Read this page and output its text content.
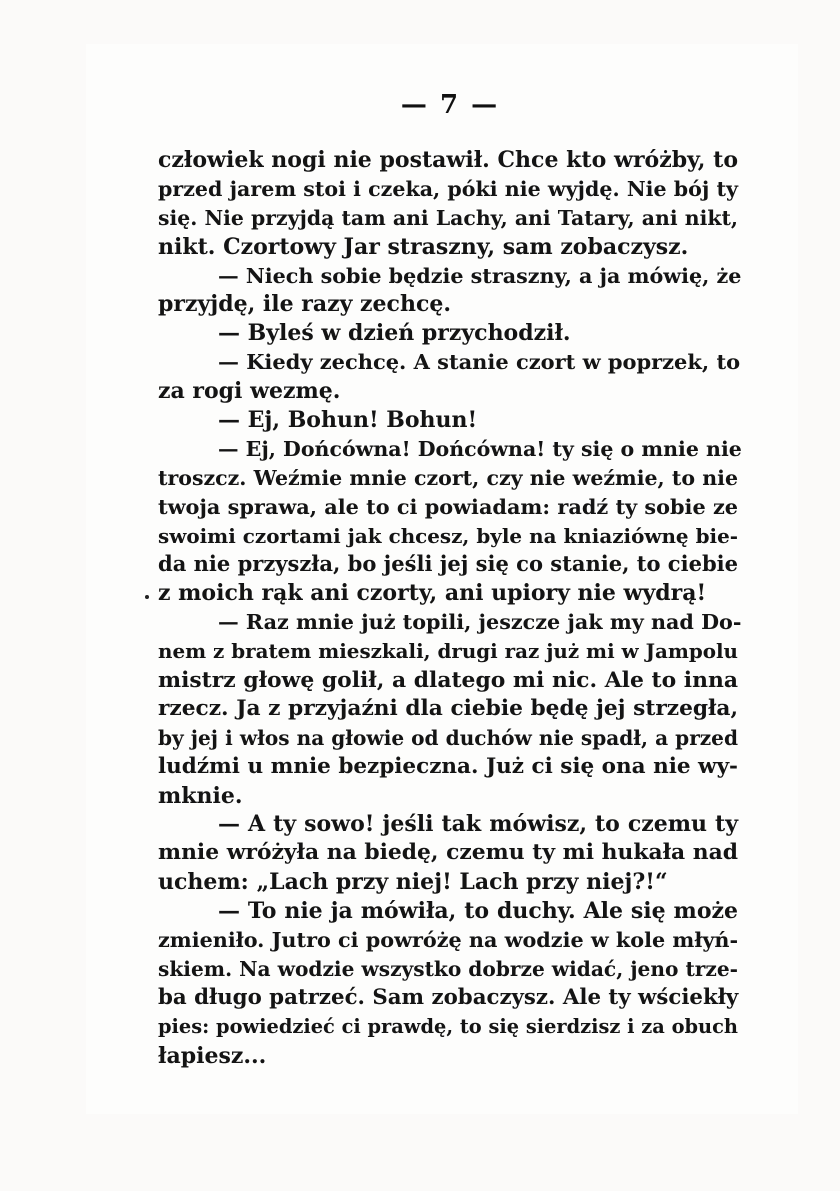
— 7 —
człowiek nogi nie postawił. Chce kto wróżby, to
przed jarem stoi i czeka, póki nie wyjdę. Nie bój ty
się. Nie przyjdą tam ani Lachy, ani Tatary, ani nikt,
nikt. Czortowy Jar straszny, sam zobaczysz.
— Niech sobie będzie straszny, a ja mówię, że
przyjdę, ile razy zechcę.
— Byleś w dzień przychodził.
— Kiedy zechcę. A stanie czort w poprzek, to
za rogi wezmę.
— Ej, Bohun! Bohun!
— Ej, Dońcówna! Dońcówna! ty się o mnie nie
troszcz. Weźmie mnie czort, czy nie weźmie, to nie
twoja sprawa, ale to ci powiadam: radź ty sobie ze
swoimi czortami jak chcesz, byle na kniaziównę bie-
da nie przyszła, bo jeśli jej się co stanie, to ciebie
z moich rąk ani czorty, ani upiory nie wydrą!
— Raz mnie już topili, jeszcze jak my nad Do-
nem z bratem mieszkali, drugi raz już mi w Jampolu
mistrz głowę golił, a dlatego mi nic. Ale to inna
rzecz. Ja z przyjaźni dla ciebie będę jej strzegła,
by jej i włos na głowie od duchów nie spadł, a przed
ludźmi u mnie bezpieczna. Już ci się ona nie wy-
mknie.
— A ty sowo! jeśli tak mówisz, to czemu ty
mnie wróżyła na biedę, czemu ty mi hukała nad
uchem: „Lach przy niej! Lach przy niej?!“
— To nie ja mówiła, to duchy. Ale się może
zmieniło. Jutro ci powróżę na wodzie w kole młyń-
skiem. Na wodzie wszystko dobrze widać, jeno trze-
ba długo patrzeć. Sam zobaczysz. Ale ty wściekły
pies: powiedzieć ci prawdę, to się sierdzisz i za obuch
łapiesz...
